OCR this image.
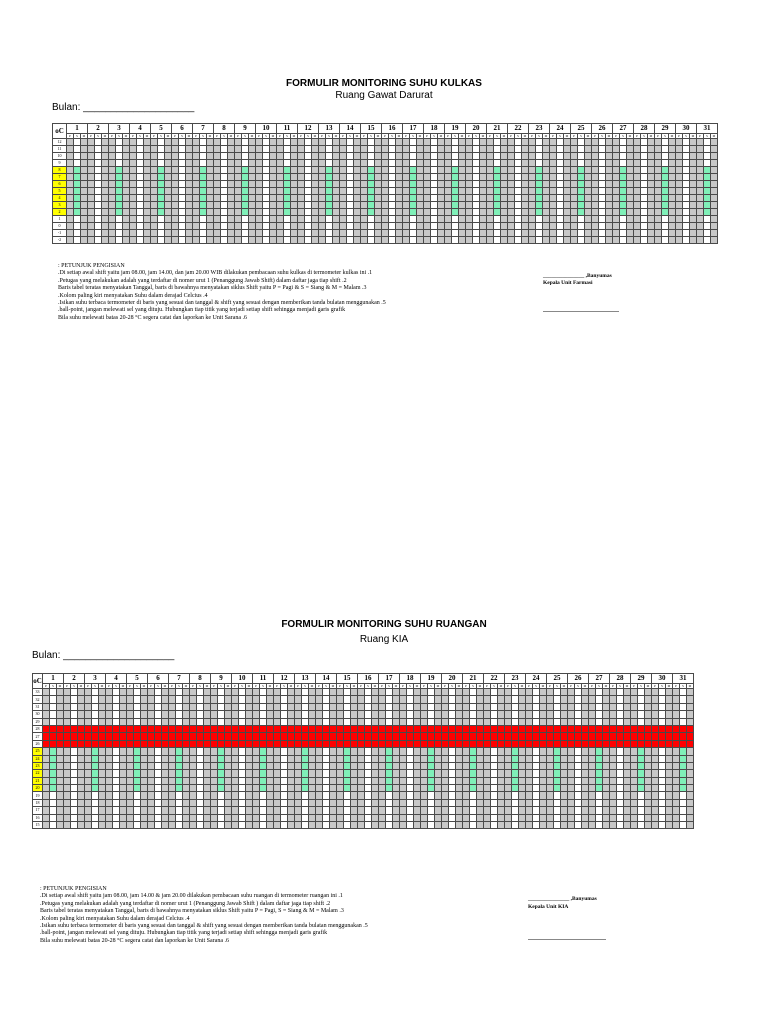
FORMULIR MONITORING SUHU KULKAS
Ruang Gawat Darurat
Bulan: ____________________
oC	1	2	3	4	5	6	7	8	9	10	11	12	13	14	15	16	17	18	19	20	21	22	23	24	25	26	27	28	29	30	31
P	S	M	P	S	M	P	S	M	P	S	M	P	S	M	P	S	M	P	S	M	P	S	M	P	S	M	P	S	M	P	S	M	P	S	M	P	S	M	P	S	M	P	S	M	P	S	M	P	S	M	P	S	M	P	S	M	P	S	M	P	S	M	P	S	M	P	S	M	P	S	M	P	S	M	P	S	M	P	S	M	P	S	M	P	S	M	P	S	M	P	S	M
12																																																																																													
11																																																																																													
10																																																																																													
9																																																																																													
8																																																																																													
7																																																																																													
6																																																																																													
5																																																																																													
4																																																																																													
3																																																																																													
2																																																																																													
1																																																																																													
0																																																																																													
-1																																																																																													
-2																																																																																													
: PETUNJUK PENGISIAN
.Di setiap awal shift yaitu jam 08.00, jam 14.00, dan jam 20.00 WIB dilakukan pembacaan suhu kulkas di termometer kulkas ini .1
.Petugas yang melakukan adalah yang terdaftar di nomer urut 1 (Penanggung Jawab Shift) dalam daftar jaga tiap shift .2
Baris tabel teratas menyatakan Tanggal, baris di bawahnya menyatakan siklus Shift yaitu P = Pagi & S = Siang & M = Malam .3
.Kolom paling kiri menyatakan Suhu dalam derajad Celcius .4
.Isikan suhu terbaca termometer di baris yang sesuai dan tanggal & shift yang sesuai dengan memberikan tanda bulatan menggunakan .5
.ball-point, jangan melewati sel yang dituju. Hubungkan tiap titik yang terjadi setiap shift sehingga menjadi garis grafik
Bila suhu melewati batas 20-28 °C segera catat dan laporkan ke Unit Sarana .6
_______________ ,Banyumas
Kepala Unit Farmasi
FORMULIR MONITORING SUHU RUANGAN
Ruang KIA
Bulan: ____________________
oC	1	2	3	4	5	6	7	8	9	10	11	12	13	14	15	16	17	18	19	20	21	22	23	24	25	26	27	28	29	30	31
P	S	M	P	S	M	P	S	M	P	S	M	P	S	M	P	S	M	P	S	M	P	S	M	P	S	M	P	S	M	P	S	M	P	S	M	P	S	M	P	S	M	P	S	M	P	S	M	P	S	M	P	S	M	P	S	M	P	S	M	P	S	M	P	S	M	P	S	M	P	S	M	P	S	M	P	S	M	P	S	M	P	S	M	P	S	M	P	S	M	P	S	M
33																																																																																													
32																																																																																													
31																																																																																													
30																																																																																													
29																																																																																													
28																																																																																													
27																																																																																													
26																																																																																													
25																																																																																													
24																																																																																													
23																																																																																													
22																																																																																													
21																																																																																													
20																																																																																													
19																																																																																													
18																																																																																													
17																																																																																													
16																																																																																													
15																																																																																													
: PETUNJUK PENGISIAN
.Di setiap awal shift yaitu jam 08.00, jam 14.00 & jam 20.00 dilakukan pembacaan suhu ruangan di termometer ruangan ini .1
.Petugas yang melakukan adalah yang terdaftar di nomer urut 1 (Penanggung Jawab Shift ) dalam daftar jaga tiap shift .2
Baris tabel teratas menyatakan Tanggal, baris di bawahnya menyatakan siklus Shift yaitu P = Pagi, S = Siang & M = Malam .3
.Kolom paling kiri menyatakan Suhu dalam derajad Celcius .4
.Isikan suhu terbaca termometer di baris yang sesuai dan tanggal & shift yang sesuai dengan memberikan tanda bulatan menggunakan .5
.ball-point, jangan melewati sel yang dituju. Hubungkan tiap titik yang terjadi setiap shift sehingga menjadi garis grafik
Bila suhu melewati batas 20-28 °C segera catat dan laporkan ke Unit Sarana .6
_______________ ,Banyumas
Kepala Unit KIA
